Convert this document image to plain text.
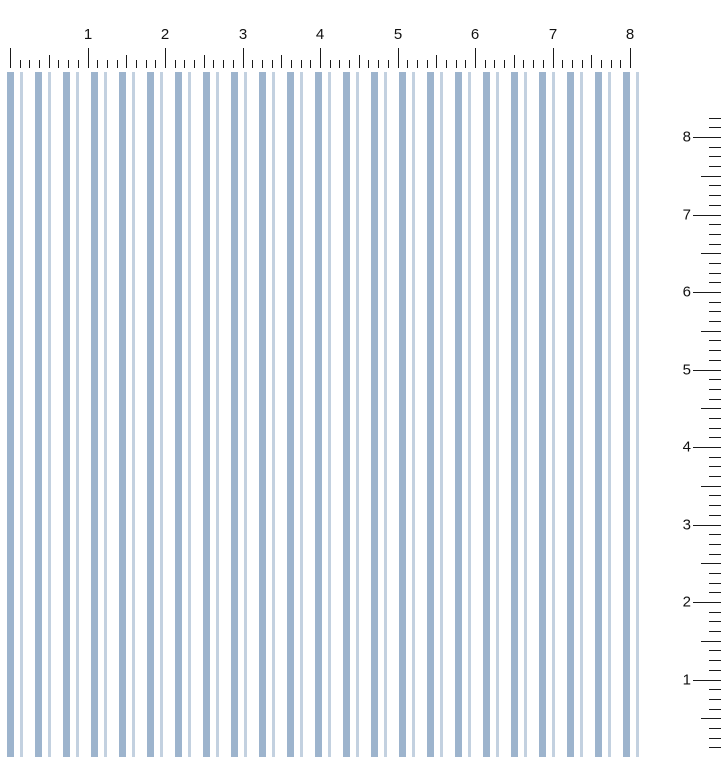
1	2	3	4	5	6	7	8
1
2
3
4
5
6
7
8
